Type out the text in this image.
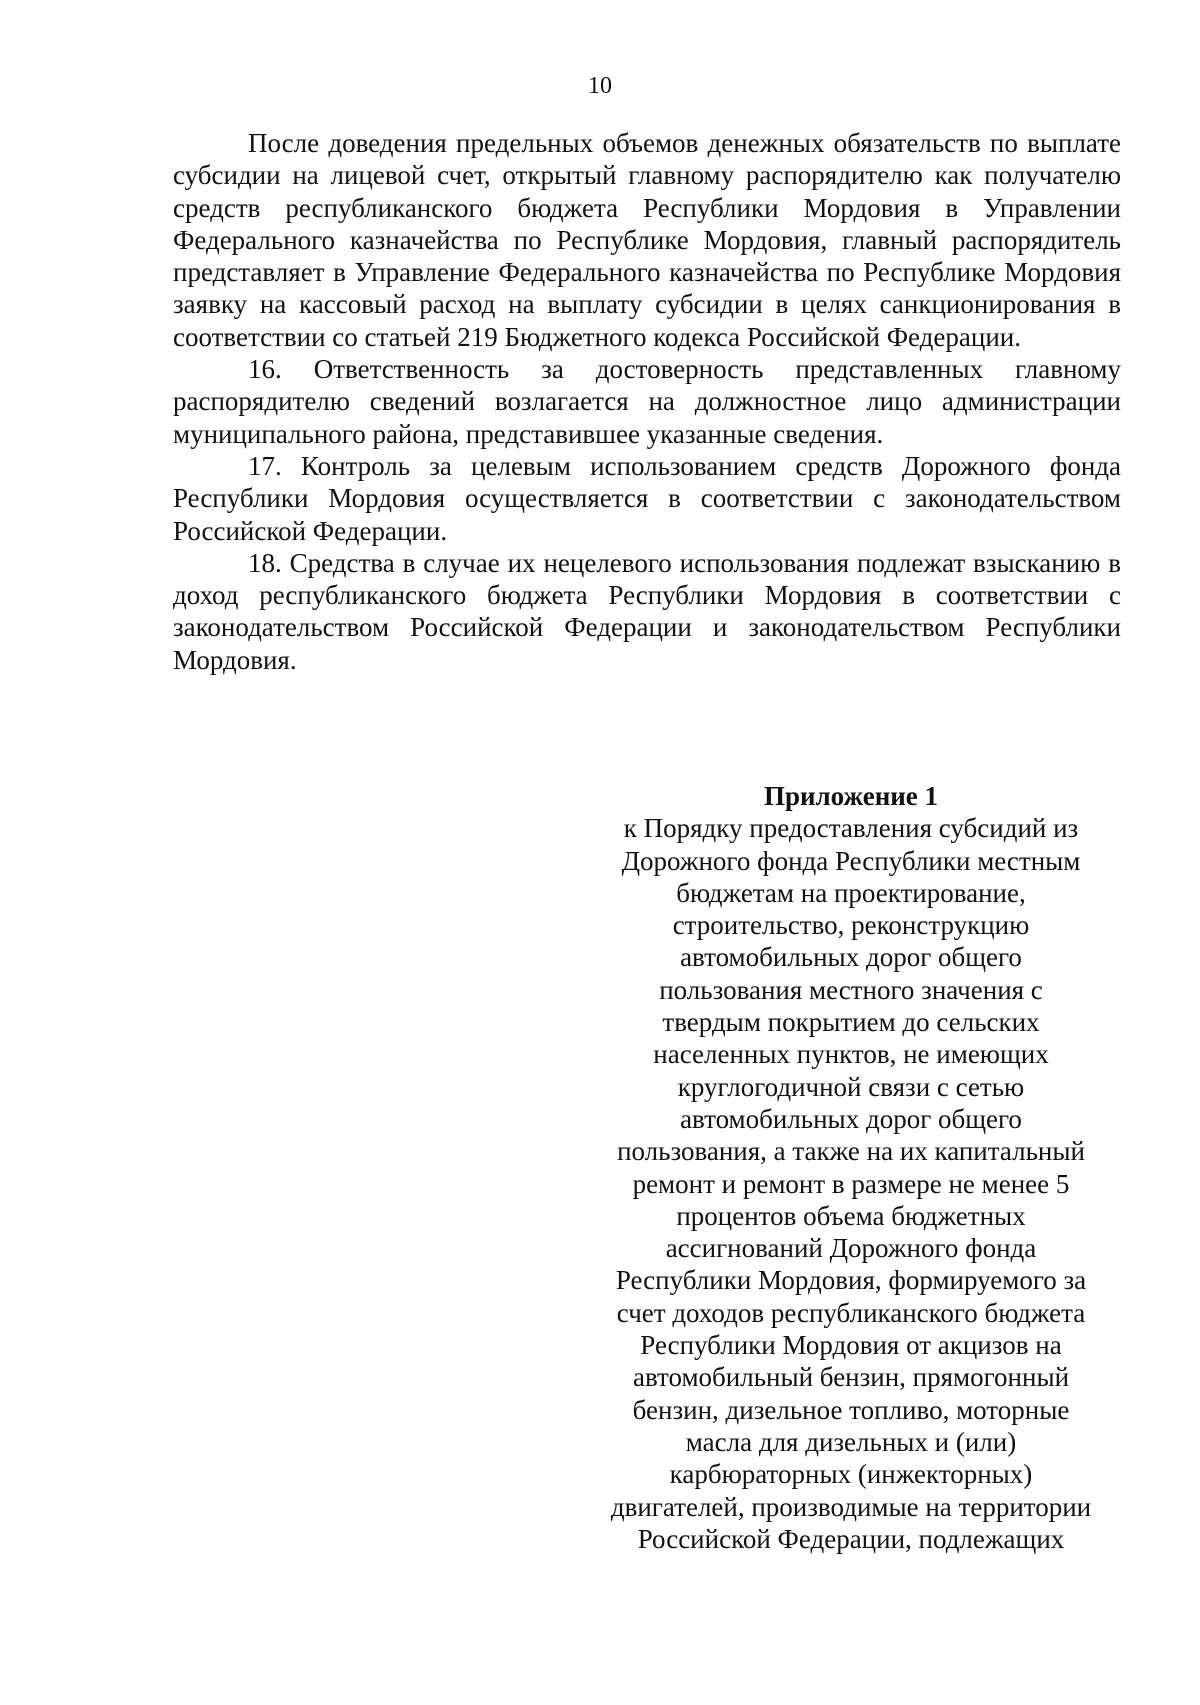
10

После доведения предельных объемов денежных обязательств по выплате субсидии на лицевой счет, открытый главному распорядителю как получателю средств республиканского бюджета Республики Мордовия в Управлении Федерального казначейства по Республике Мордовия, главный распорядитель представляет в Управление Федерального казначейства по Республике Мордовия заявку на кассовый расход на выплату субсидии в целях санкционирования в соответствии со статьей 219 Бюджетного кодекса Российской Федерации.

16. Ответственность за достоверность представленных главному распорядителю сведений возлагается на должностное лицо администрации муниципального района, представившее указанные сведения.

17. Контроль за целевым использованием средств Дорожного фонда Республики Мордовия осуществляется в соответствии с законодательством Российской Федерации.

18. Средства в случае их нецелевого использования подлежат взысканию в доход республиканского бюджета Республики Мордовия в соответствии с законодательством Российской Федерации и законодательством Республики Мордовия.

Приложение 1

к Порядку предоставления субсидий из

Дорожного фонда Республики местным

бюджетам на проектирование,

строительство, реконструкцию

автомобильных дорог общего

пользования местного значения с

твердым покрытием до сельских

населенных пунктов, не имеющих

круглогодичной связи с сетью

автомобильных дорог общего

пользования, а также на их капитальный

ремонт и ремонт в размере не менее 5

процентов объема бюджетных

ассигнований Дорожного фонда

Республики Мордовия, формируемого за

счет доходов республиканского бюджета

Республики Мордовия от акцизов на

автомобильный бензин, прямогонный

бензин, дизельное топливо, моторные

масла для дизельных и (или)

карбюраторных (инжекторных)

двигателей, производимые на территории

Российской Федерации, подлежащих
